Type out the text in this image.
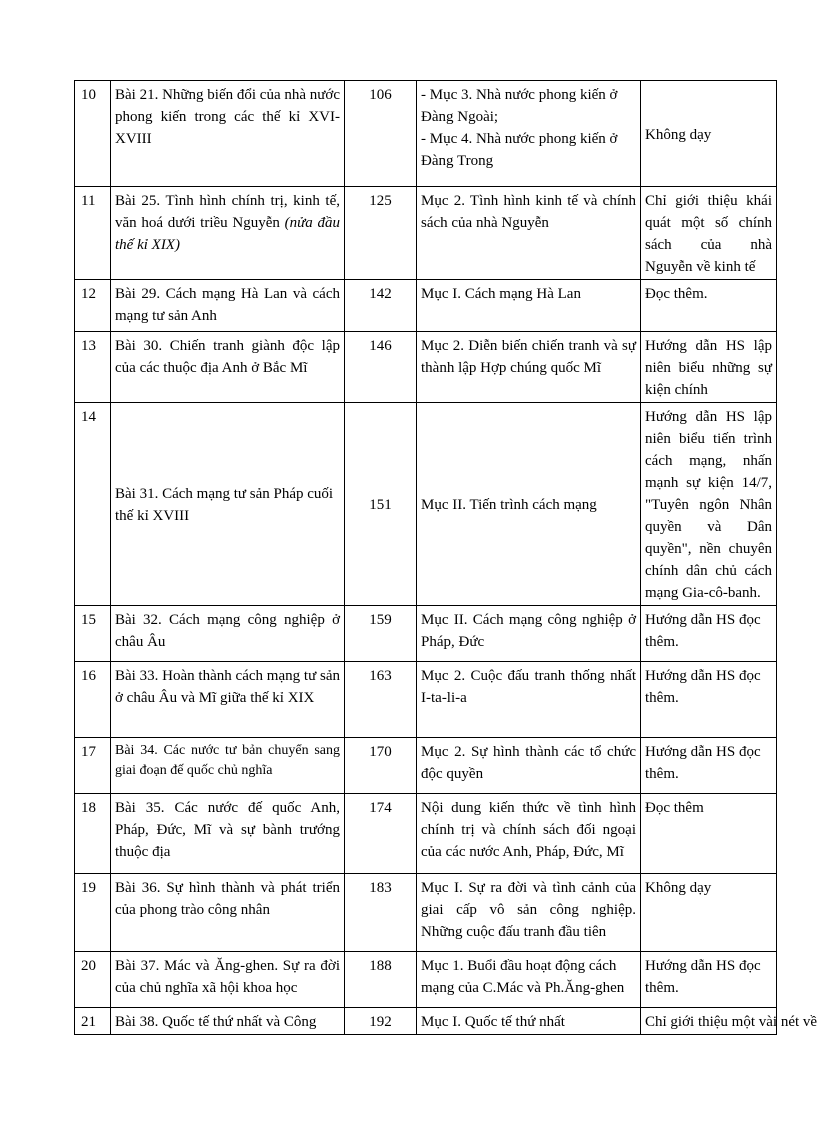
10	Bài 21. Những biến đổi của nhà nước phong kiến trong các thế kỉ XVI-XVIII	106	- Mục 3. Nhà nước phong kiến ở Đàng Ngoài;
- Mục 4. Nhà nước phong kiến ở Đàng Trong	Không dạy
11	Bài 25. Tình hình chính trị, kinh tế, văn hoá dưới triều Nguyễn (nửa đầu thế kỉ XIX)	125	Mục 2. Tình hình kinh tế và chính sách của nhà Nguyễn	Chỉ giới thiệu khái quát một số chính sách của nhà Nguyễn về kinh tế
12	Bài 29. Cách mạng Hà Lan và cách mạng tư sản Anh	142	Mục I. Cách mạng Hà Lan	Đọc thêm.
13	Bài 30. Chiến tranh giành độc lập của các thuộc địa Anh ở Bắc Mĩ	146	Mục 2. Diễn biến chiến tranh và sự thành lập Hợp chúng quốc Mĩ	Hướng dẫn HS lập niên biểu những sự kiện chính
14	Bài 31. Cách mạng tư sản Pháp cuối thế kỉ XVIII	151	Mục II. Tiến trình cách mạng	Hướng dẫn HS lập niên biểu tiến trình cách mạng, nhấn mạnh sự kiện 14/7, "Tuyên ngôn Nhân quyền và Dân quyền", nền chuyên chính dân chủ cách mạng Gia-cô-banh.
15	Bài 32. Cách mạng công nghiệp ở châu Âu	159	Mục II. Cách mạng công nghiệp ở Pháp, Đức	Hướng dẫn HS đọc thêm.
16	Bài 33. Hoàn thành cách mạng tư sản ở châu Âu và Mĩ giữa thế kỉ XIX	163	Mục 2. Cuộc đấu tranh thống nhất I-ta-li-a	Hướng dẫn HS đọc thêm.
17	Bài 34. Các nước tư bản chuyển sang giai đoạn đế quốc chủ nghĩa	170	Mục 2. Sự hình thành các tổ chức độc quyền	Hướng dẫn HS đọc thêm.
18	Bài 35. Các nước đế quốc Anh, Pháp, Đức, Mĩ và sự bành trướng thuộc địa	174	Nội dung kiến thức về tình hình chính trị và chính sách đối ngoại của các nước Anh, Pháp, Đức, Mĩ	Đọc thêm
19	Bài 36. Sự hình thành và phát triển của phong trào công nhân	183	Mục I. Sự ra đời và tình cảnh của giai cấp vô sản công nghiệp. Những cuộc đấu tranh đầu tiên	Không dạy
20	Bài 37. Mác và Ăng-ghen. Sự ra đời của chủ nghĩa xã hội khoa học	188	Mục 1. Buổi đầu hoạt động cách mạng của C.Mác và Ph.Ăng-ghen	Hướng dẫn HS đọc thêm.
21	Bài 38. Quốc tế thứ nhất và Công	192	Mục I. Quốc tế thứ nhất	Chỉ giới thiệu một vài nét về
